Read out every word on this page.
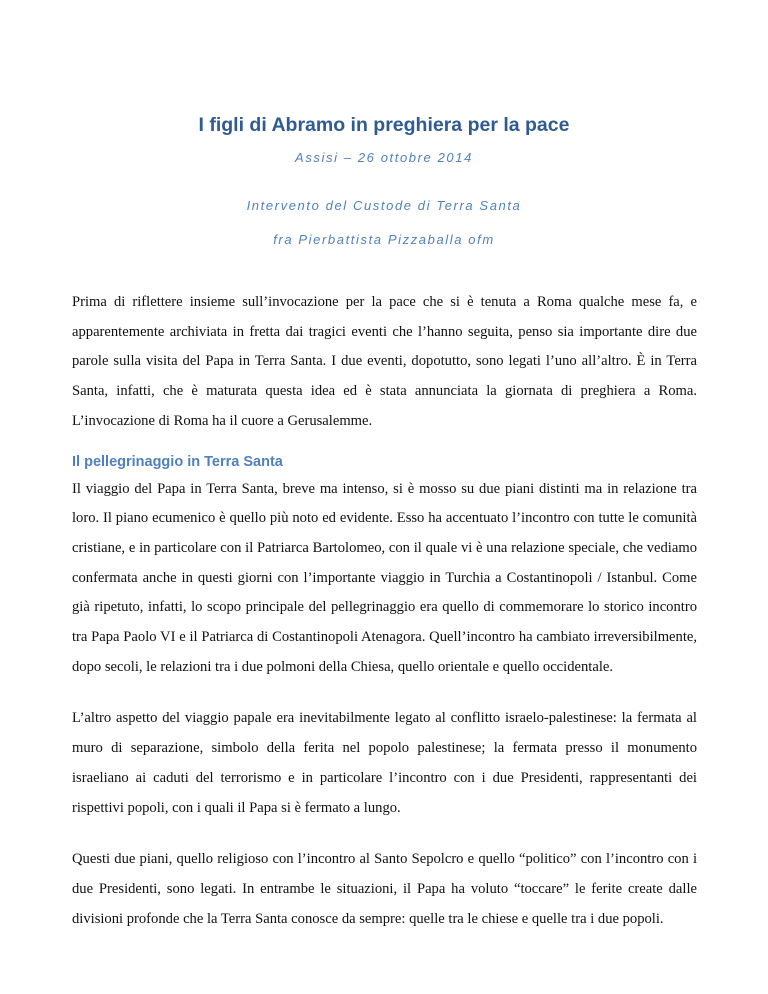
I figli di Abramo in preghiera per la pace

Assisi – 26 ottobre 2014

Intervento del Custode di Terra Santa

fra Pierbattista Pizzaballa ofm

Prima di riflettere insieme sull’invocazione per la pace che si è tenuta a Roma qualche mese fa, e apparentemente archiviata in fretta dai tragici eventi che l’hanno seguita, penso sia importante dire due parole sulla visita del Papa in Terra Santa. I due eventi, dopotutto, sono legati l’uno all’altro. È in Terra Santa, infatti, che è maturata questa idea ed è stata annunciata la giornata di preghiera a Roma. L’invocazione di Roma ha il cuore a Gerusalemme.

Il pellegrinaggio in Terra Santa

Il viaggio del Papa in Terra Santa, breve ma intenso, si è mosso su due piani distinti ma in relazione tra loro. Il piano ecumenico è quello più noto ed evidente. Esso ha accentuato l’incontro con tutte le comunità cristiane, e in particolare con il Patriarca Bartolomeo, con il quale vi è una relazione speciale, che vediamo confermata anche in questi giorni con l’importante viaggio in Turchia a Costantinopoli / Istanbul. Come già ripetuto, infatti, lo scopo principale del pellegrinaggio era quello di commemorare lo storico incontro tra Papa Paolo VI e il Patriarca di Costantinopoli Atenagora. Quell’incontro ha cambiato irreversibilmente, dopo secoli, le relazioni tra i due polmoni della Chiesa, quello orientale e quello occidentale.

L’altro aspetto del viaggio papale era inevitabilmente legato al conflitto israelo-palestinese: la fermata al muro di separazione, simbolo della ferita nel popolo palestinese; la fermata presso il monumento israeliano ai caduti del terrorismo e in particolare l’incontro con i due Presidenti, rappresentanti dei rispettivi popoli, con i quali il Papa si è fermato a lungo.

Questi due piani, quello religioso con l’incontro al Santo Sepolcro e quello “politico” con l’incontro con i due Presidenti, sono legati. In entrambe le situazioni, il Papa ha voluto “toccare” le ferite create dalle divisioni profonde che la Terra Santa conosce da sempre: quelle tra le chiese e quelle tra i due popoli.
